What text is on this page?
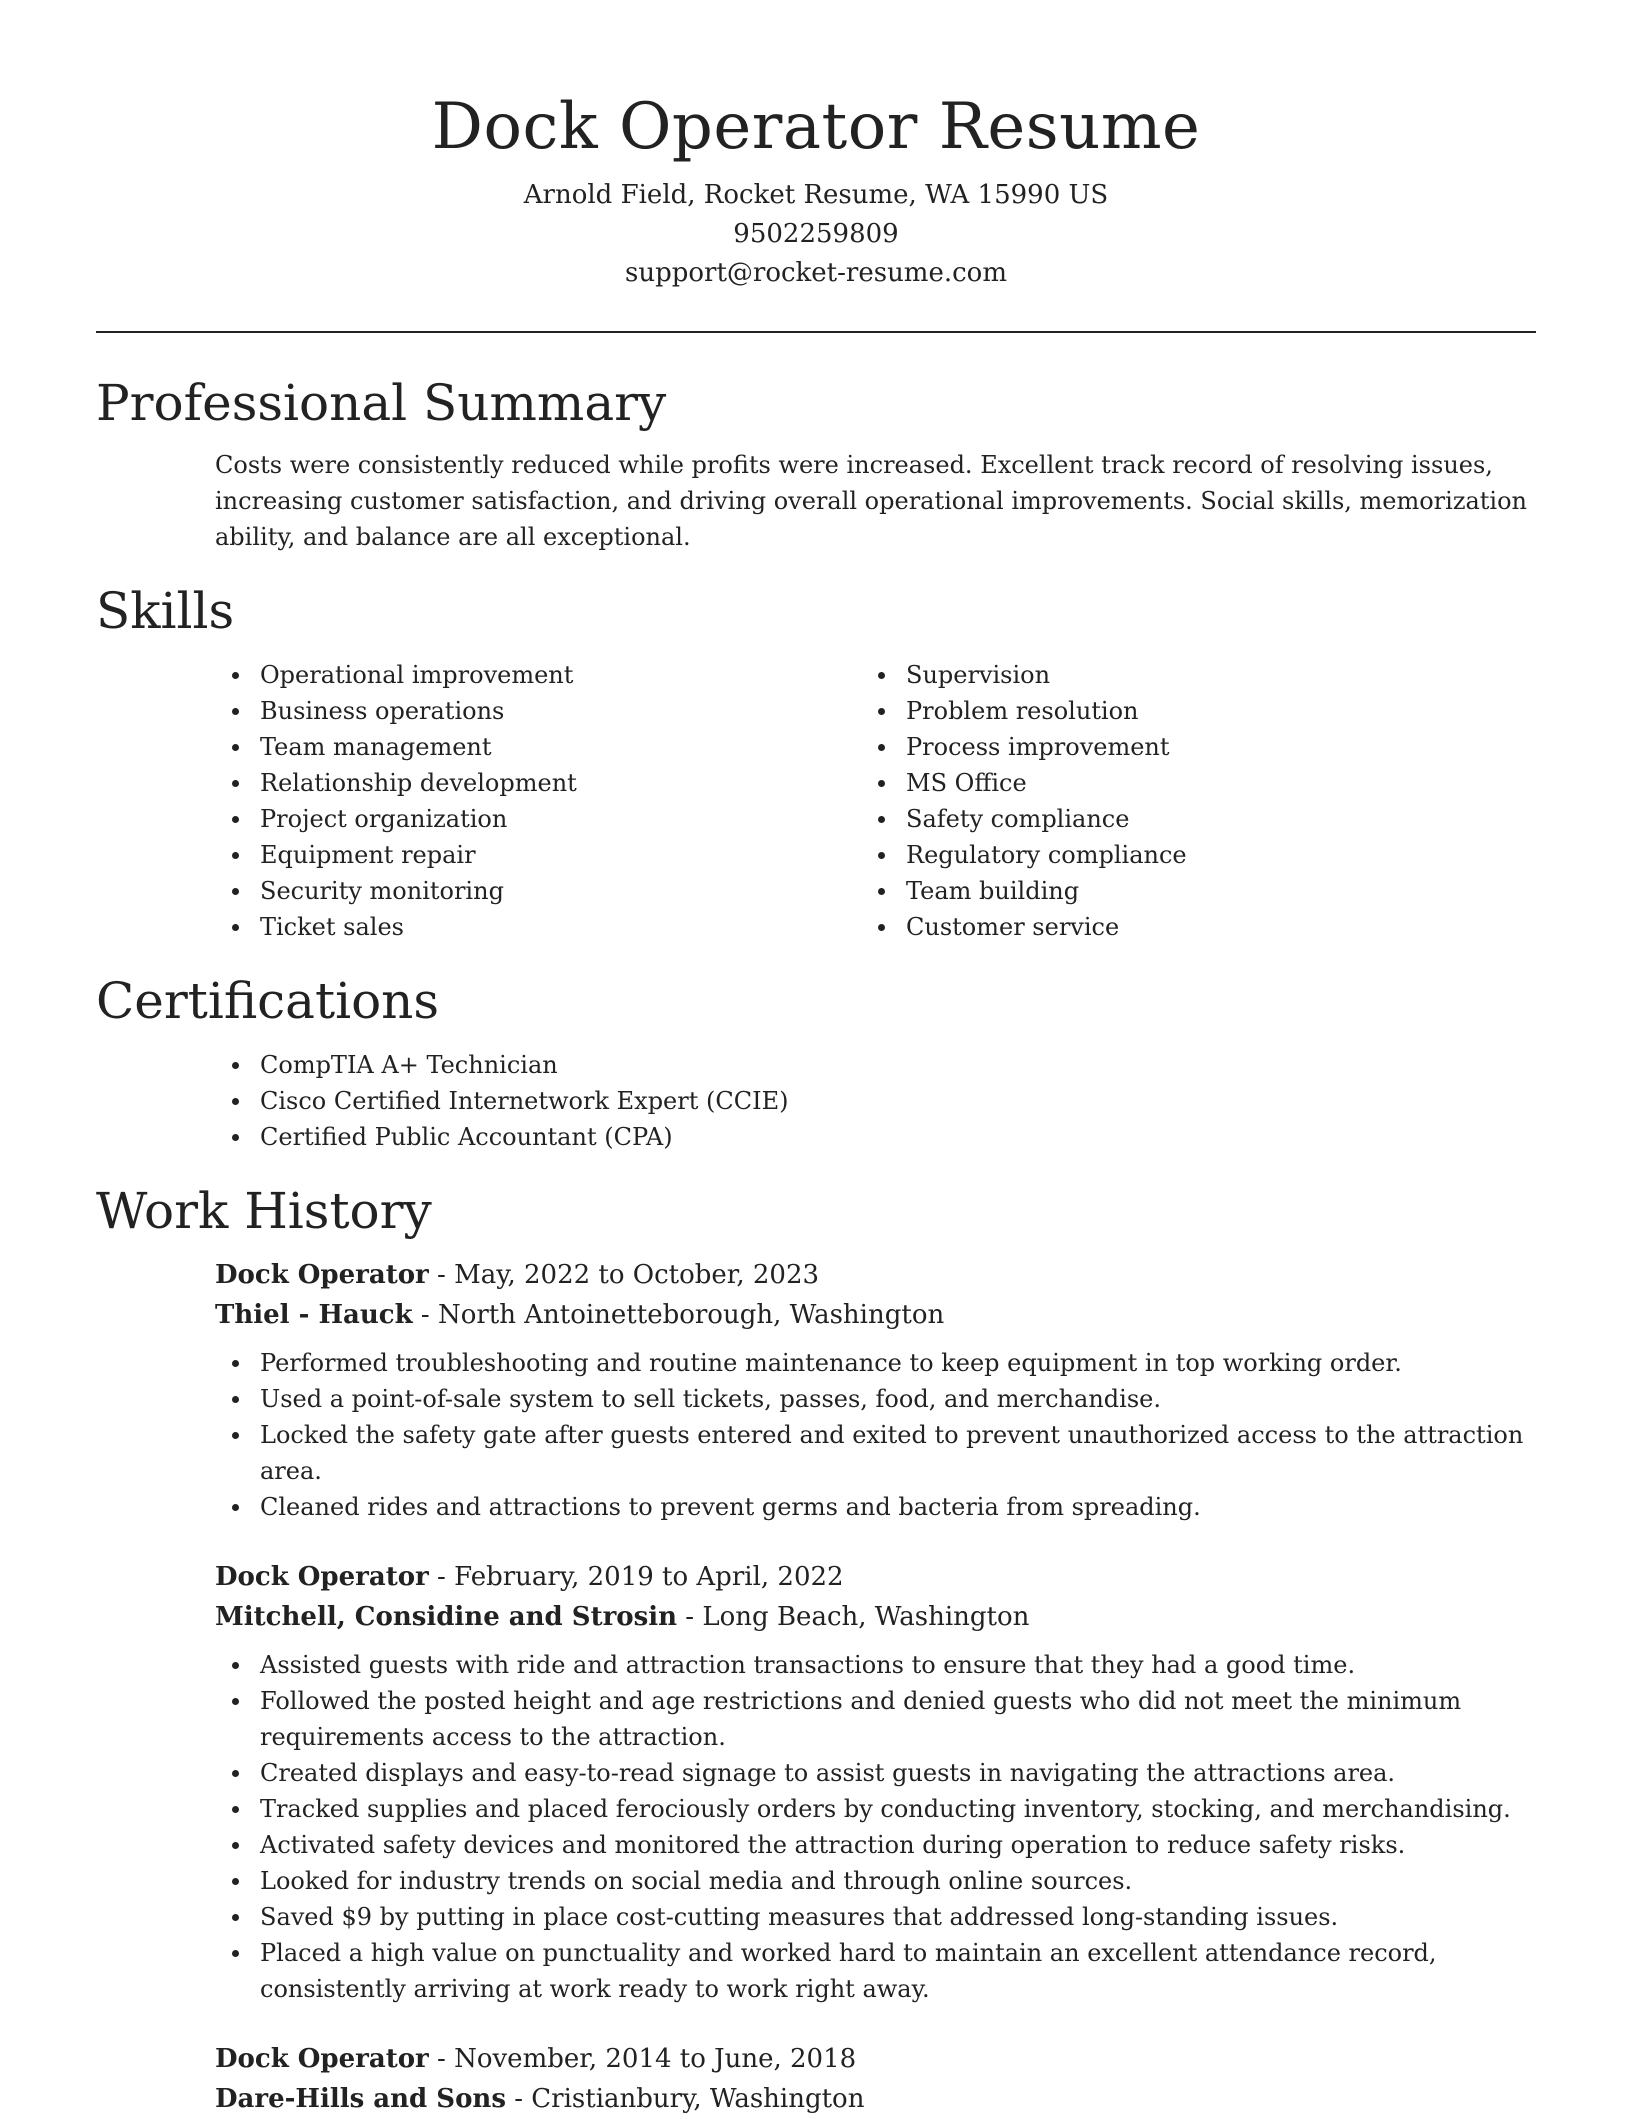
Dock Operator Resume

Arnold Field, Rocket Resume, WA 15990 US

9502259809

support@rocket-resume.com

Professional Summary

Costs were consistently reduced while profits were increased. Excellent track record of resolving issues, increasing customer satisfaction, and driving overall operational improvements. Social skills, memorization ability, and balance are all exceptional.

Skills
Operational improvement
Business operations
Team management
Relationship development
Project organization
Equipment repair
Security monitoring
Ticket sales
Supervision
Problem resolution
Process improvement
MS Office
Safety compliance
Regulatory compliance
Team building
Customer service
Certifications
CompTIA A+ Technician
Cisco Certified Internetwork Expert (CCIE)
Certified Public Accountant (CPA)
Work History
Dock Operator - May, 2022 to October, 2023
Thiel - Hauck - North Antoinetteborough, Washington
Performed troubleshooting and routine maintenance to keep equipment in top working order.
Used a point-of-sale system to sell tickets, passes, food, and merchandise.
Locked the safety gate after guests entered and exited to prevent unauthorized access to the attraction area.
Cleaned rides and attractions to prevent germs and bacteria from spreading.
Dock Operator - February, 2019 to April, 2022
Mitchell, Considine and Strosin - Long Beach, Washington
Assisted guests with ride and attraction transactions to ensure that they had a good time.
Followed the posted height and age restrictions and denied guests who did not meet the minimum requirements access to the attraction.
Created displays and easy-to-read signage to assist guests in navigating the attractions area.
Tracked supplies and placed ferociously orders by conducting inventory, stocking, and merchandising.
Activated safety devices and monitored the attraction during operation to reduce safety risks.
Looked for industry trends on social media and through online sources.
Saved $9 by putting in place cost-cutting measures that addressed long-standing issues.
Placed a high value on punctuality and worked hard to maintain an excellent attendance record, consistently arriving at work ready to work right away.
Dock Operator - November, 2014 to June, 2018
Dare-Hills and Sons - Cristianbury, Washington
